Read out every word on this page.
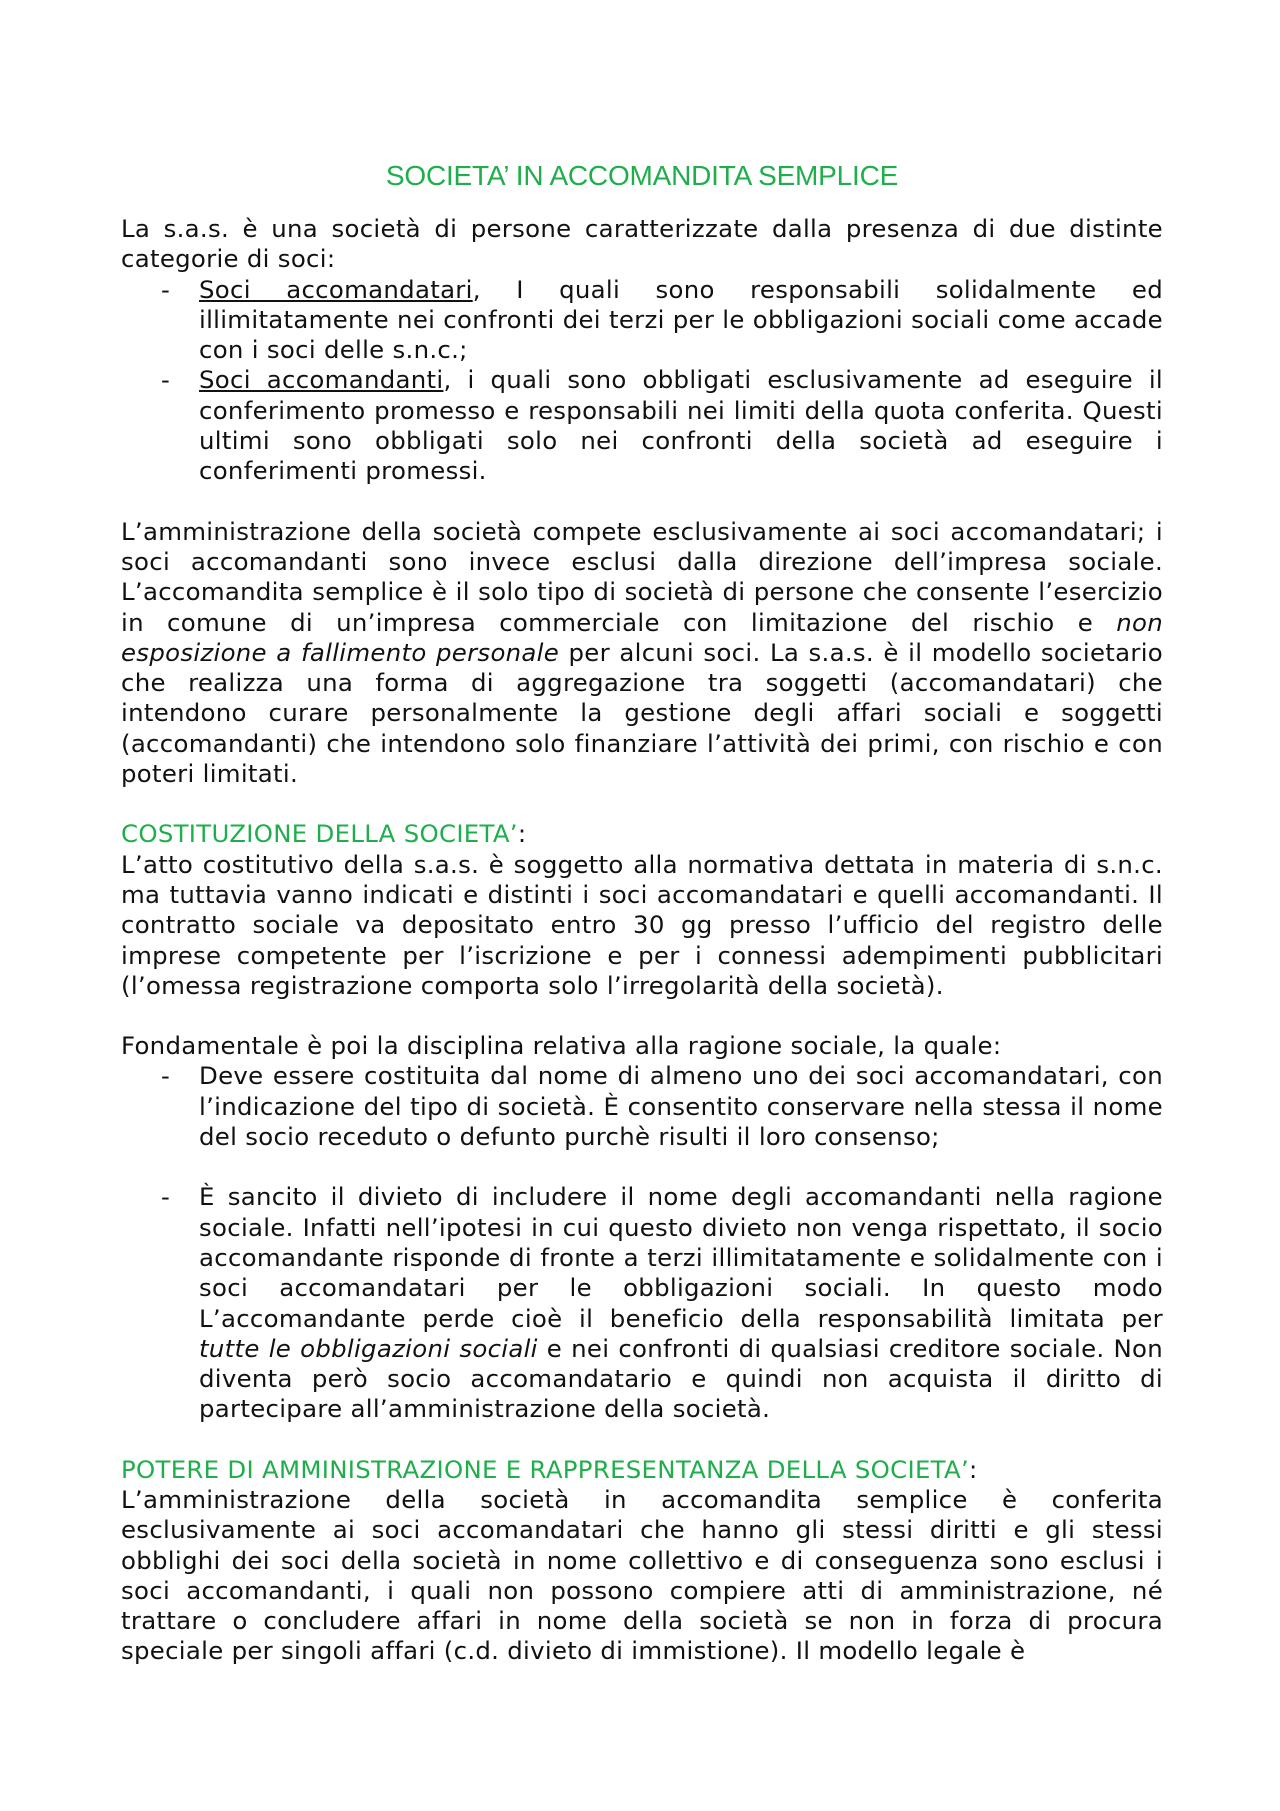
SOCIETA’ IN ACCOMANDITA SEMPLICE

La s.a.s. è una società di persone caratterizzate dalla presenza di due distinte categorie di soci:

-	Soci accomandatari, I quali sono responsabili solidalmente ed illimitatamente nei confronti dei terzi per le obbligazioni sociali come accade con i soci delle s.n.c.;
-	Soci accomandanti, i quali sono obbligati esclusivamente ad eseguire il conferimento promesso e responsabili nei limiti della quota conferita. Questi ultimi sono obbligati solo nei confronti della società ad eseguire i conferimenti promessi.

L’amministrazione della società compete esclusivamente ai soci accomandatari; i soci accomandanti sono invece esclusi dalla direzione dell’impresa sociale. L’accomandita semplice è il solo tipo di società di persone che consente l’esercizio in comune di un’impresa commerciale con limitazione del rischio e non esposizione a fallimento personale per alcuni soci. La s.a.s. è il modello societario che realizza una forma di aggregazione tra soggetti (accomandatari) che intendono curare personalmente la gestione degli affari sociali e soggetti (accomandanti) che intendono solo finanziare l’attività dei primi, con rischio e con poteri limitati.

COSTITUZIONE DELLA SOCIETA’:

L’atto costitutivo della s.a.s. è soggetto alla normativa dettata in materia di s.n.c. ma tuttavia vanno indicati e distinti i soci accomandatari e quelli accomandanti. Il contratto sociale va depositato entro 30 gg presso l’ufficio del registro delle imprese competente per l’iscrizione e per i connessi adempimenti pubblicitari (l’omessa registrazione comporta solo l’irregolarità della società).

Fondamentale è poi la disciplina relativa alla ragione sociale, la quale:

-	Deve essere costituita dal nome di almeno uno dei soci accomandatari, con l’indicazione del tipo di società. È consentito conservare nella stessa il nome del socio receduto o defunto purchè risulti il loro consenso;
-	È sancito il divieto di includere il nome degli accomandanti nella ragione sociale. Infatti nell’ipotesi in cui questo divieto non venga rispettato, il socio accomandante risponde di fronte a terzi illimitatamente e solidalmente con i soci accomandatari per le obbligazioni sociali. In questo modo L’accomandante perde cioè il beneficio della responsabilità limitata per tutte le obbligazioni sociali e nei confronti di qualsiasi creditore sociale. Non diventa però socio accomandatario e quindi non acquista il diritto di partecipare all’amministrazione della società.
POTERE DI AMMINISTRAZIONE E RAPPRESENTANZA DELLA SOCIETA’:

L’amministrazione della società in accomandita semplice è conferita esclusivamente ai soci accomandatari che hanno gli stessi diritti e gli stessi obblighi dei soci della società in nome collettivo e di conseguenza sono esclusi i soci accomandanti, i quali non possono compiere atti di amministrazione, né trattare o concludere affari in nome della società se non in forza di procura speciale per singoli affari (c.d. divieto di immistione). Il modello legale è
